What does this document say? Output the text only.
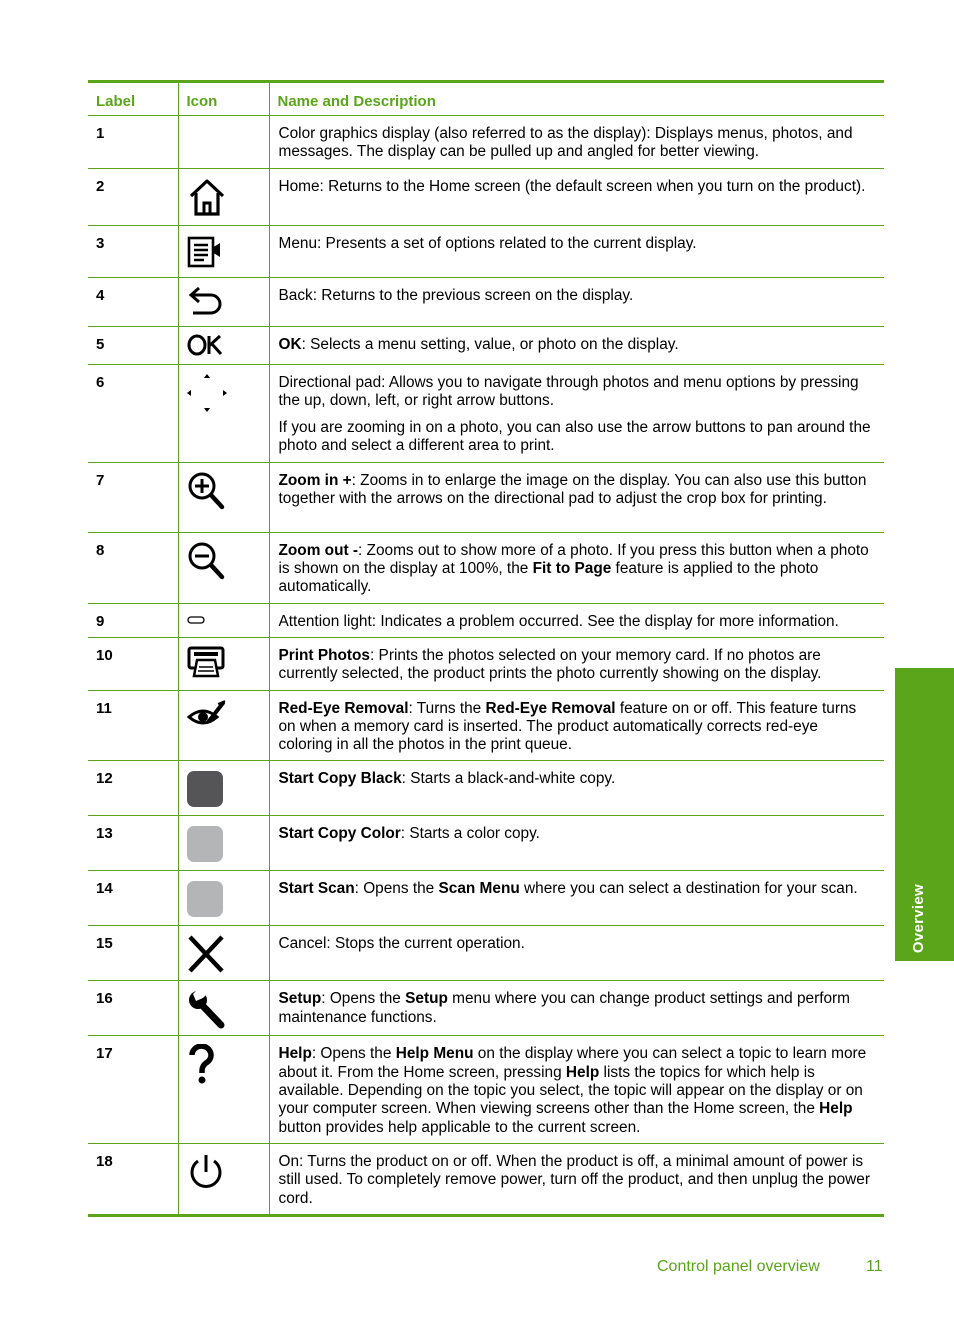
Label	Icon	Name and Description
1		Color graphics display (also referred to as the display): Displays menus, photos, and messages. The display can be pulled up and angled for better viewing.

2		Home: Returns to the Home screen (the default screen when you turn on the product).

3		Menu: Presents a set of options related to the current display.

4		Back: Returns to the previous screen on the display.

5		OK: Selects a menu setting, value, or photo on the display.

6		Directional pad: Allows you to navigate through photos and menu options by pressing the up, down, left, or right arrow buttons.

If you are zooming in on a photo, you can also use the arrow buttons to pan around the photo and select a different area to print.

7		Zoom in +: Zooms in to enlarge the image on the display. You can also use this button together with the arrows on the directional pad to adjust the crop box for printing.

8		Zoom out -: Zooms out to show more of a photo. If you press this button when a photo is shown on the display at 100%, the Fit to Page feature is applied to the photo automatically.

9		Attention light: Indicates a problem occurred. See the display for more information.

10		Print Photos: Prints the photos selected on your memory card. If no photos are currently selected, the product prints the photo currently showing on the display.

11		Red-Eye Removal: Turns the Red-Eye Removal feature on or off. This feature turns on when a memory card is inserted. The product automatically corrects red-eye coloring in all the photos in the print queue.

12		Start Copy Black: Starts a black-and-white copy.

13		Start Copy Color: Starts a color copy.

14		Start Scan: Opens the Scan Menu where you can select a destination for your scan.

15		Cancel: Stops the current operation.

16		Setup: Opens the Setup menu where you can change product settings and perform maintenance functions.

17		Help: Opens the Help Menu on the display where you can select a topic to learn more about it. From the Home screen, pressing Help lists the topics for which help is available. Depending on the topic you select, the topic will appear on the display or on your computer screen. When viewing screens other than the Home screen, the Help button provides help applicable to the current screen.

18		On: Turns the product on or off. When the product is off, a minimal amount of power is still used. To completely remove power, turn off the product, and then unplug the power cord.

Overview
Control panel overview	11
